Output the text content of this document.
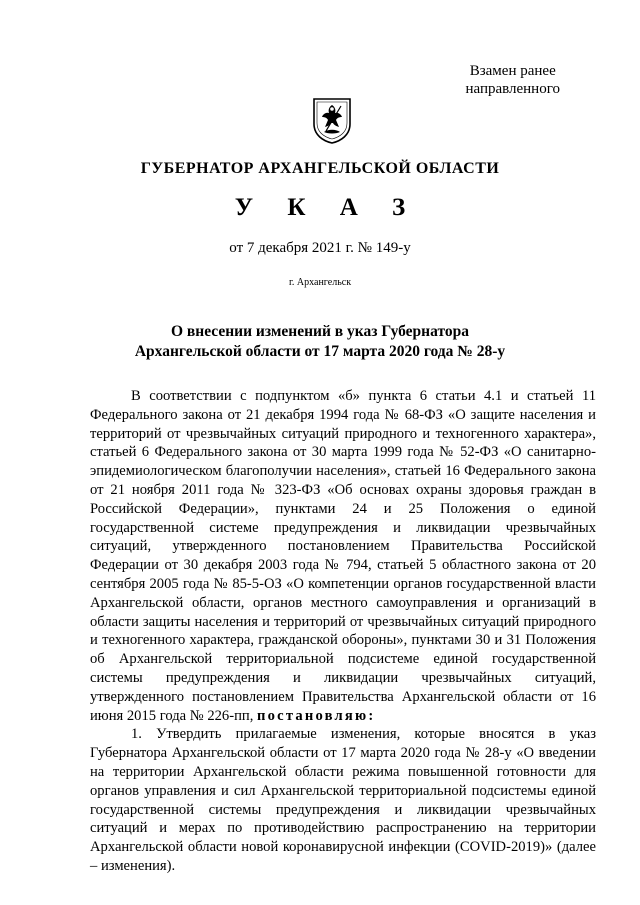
Взамен ранее
направленного
ГУБЕРНАТОР АРХАНГЕЛЬСКОЙ ОБЛАСТИ
У К А З
от 7 декабря 2021 г. № 149-у
г. Архангельск
О внесении изменений в указ Губернатора
Архангельской области от 17 марта 2020 года № 28-у

В соответствии с подпунктом «б» пункта 6 статьи 4.1 и статьей 11 Федерального закона от 21 декабря 1994 года № 68-ФЗ «О защите населения и территорий от чрезвычайных ситуаций природного и техногенного характера», статьей 6 Федерального закона от 30 марта 1999 года № 52-ФЗ «О санитарно-эпидемиологическом благополучии населения», статьей 16 Федерального закона от 21 ноября 2011 года № 323-ФЗ «Об основах охраны здоровья граждан в Российской Федерации», пунктами 24 и 25 Положения о единой государственной системе предупреждения и ликвидации чрезвычайных ситуаций, утвержденного постановлением Правительства Российской Федерации от 30 декабря 2003 года № 794, статьей 5 областного закона от 20 сентября 2005 года № 85-5-ОЗ «О компетенции органов государственной власти Архангельской области, органов местного самоуправления и организаций в области защиты населения и территорий от чрезвычайных ситуаций природного и техногенного характера, гражданской обороны», пунктами 30 и 31 Положения об Архангельской территориальной подсистеме единой государственной системы предупреждения и ликвидации чрезвычайных ситуаций, утвержденного постановлением Правительства Архангельской области от 16 июня 2015 года № 226-пп, постановляю:

1. Утвердить прилагаемые изменения, которые вносятся в указ Губернатора Архангельской области от 17 марта 2020 года № 28-у «О введении на территории Архангельской области режима повышенной готовности для органов управления и сил Архангельской территориальной подсистемы единой государственной системы предупреждения и ликвидации чрезвычайных ситуаций и мерах по противодействию распространению на территории Архангельской области новой коронавирусной инфекции (COVID-2019)» (далее – изменения).
